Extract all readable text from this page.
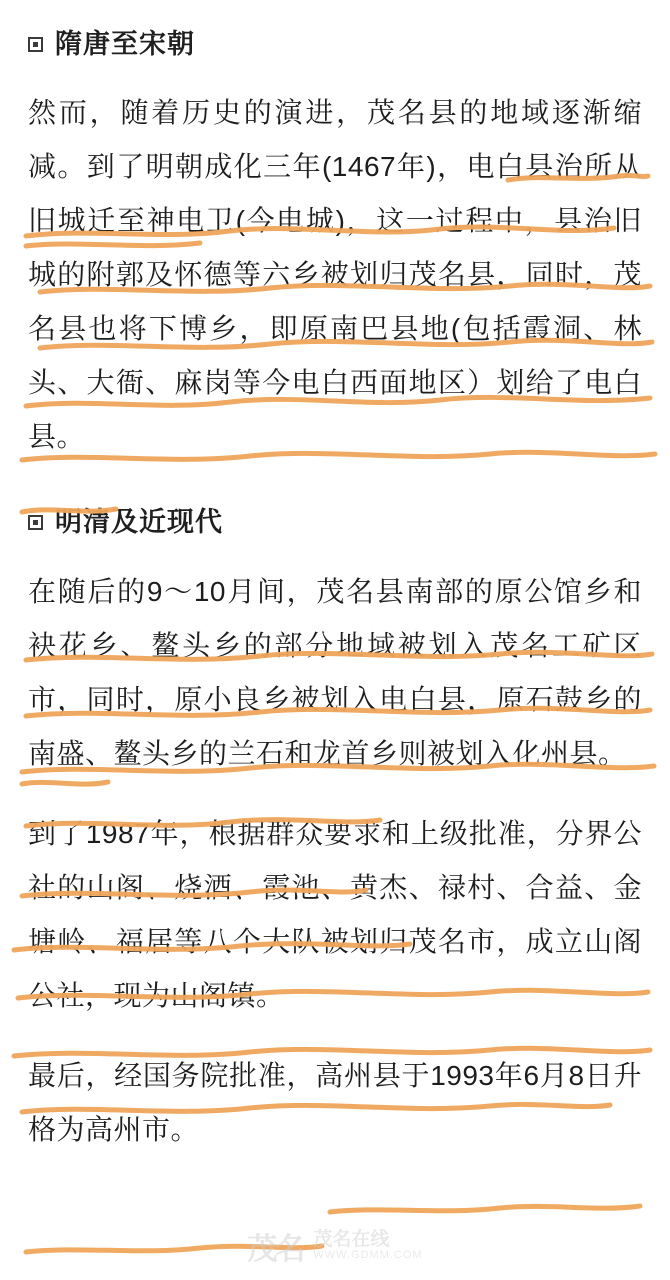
隋唐至宋朝

然而，随着历史的演进，茂名县的地域逐渐缩减。到了明朝成化三年(1467年)，电白县治所从旧城迁至神电卫(今电城)，这一过程中，县治旧城的附郭及怀德等六乡被划归茂名县，同时，茂名县也将下博乡，即原南巴县地(包括霞洞、林头、大衙、麻岗等今电白西面地区）划给了电白县。

明清及近现代

在随后的9～10月间，茂名县南部的原公馆乡和袂花乡、鳌头乡的部分地域被划入茂名工矿区市，同时，原小良乡被划入电白县，原石鼓乡的南盛、鳌头乡的兰石和龙首乡则被划入化州县。

到了1987年，根据群众要求和上级批准，分界公社的山阁、烧酒、霞池、黄杰、禄村、合益、金塘岭、福居等八个大队被划归茂名市，成立山阁公社，现为山阁镇。

最后，经国务院批准，高州县于1993年6月8日升格为高州市。

茂名 茂名在线
WWW.GDMM.COM
